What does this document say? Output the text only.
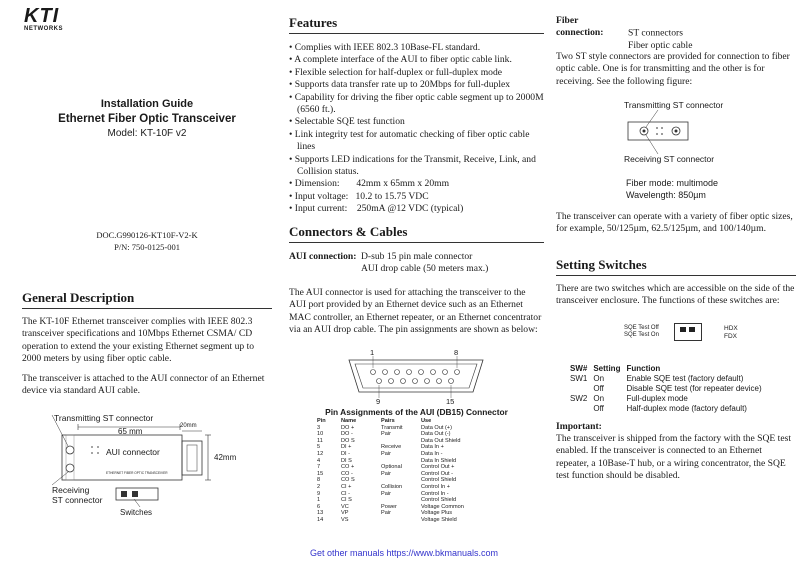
KTI
NETWORKS
Installation Guide
Ethernet Fiber Optic Transceiver
Model: KT-10F v2
DOC.G990126-KT10F-V2-K
P/N: 750-0125-001
General Description
The KT-10F Ethernet transceiver complies with IEEE 802.3 transceiver specifications and 10Mbps Ethernet CSMA/ CD operation to extend the your existing Ethernet segment up to 2000 meters by using fiber optic cable.
The transceiver is attached to the AUI connector of an Ethernet device via standard AUI cable.
Transmitting ST connector
65 mm
20mm
42mm
AUI connector
ETHERNET FIBER OPTIC TRANSCEIVER
Receiving
ST connector
Switches
Features
• Complies with IEEE 802.3 10Base-FL standard.
• A complete interface of the AUI to fiber optic cable link.
• Flexible selection for half-duplex or full-duplex mode
• Supports data transfer rate up to 20Mbps for full-duplex
• Capability for driving the fiber optic cable segment up to 2000M (6560 ft.).
• Selectable SQE test function
• Link integrity test for automatic checking of fiber optic cable lines
• Supports LED indications for the Transmit, Receive, Link, and Collision status.
• Dimension:       42mm x 65mm x 20mm
• Input voltage:   10.2 to 15.75 VDC
• Input current:    250mA @12 VDC (typical)
Connectors & Cables
AUI connection: D-sub 15 pin male connector
AUI drop cable (50 meters max.)
The AUI connector is used for attaching the transceiver to the AUI port provided by an Ethernet device such as an Ethernet MAC controller, an Ethernet repeater, or an Ethernet concentrator via an AUI drop cable. The pin assignments are shown as below:
1	8
9	15
Pin Assignments of the AUI (DB15) Connector
Pin	Name	Pairs	Use
3	DO +	Transmit	Data Out (+)
10	DO -	Pair	Data Out (-)
11	DO S		Data Out Shield
5	DI +	Receive	Data In +
12	DI -	Pair	Data In -
4	DI S		Data In Shield
7	CO +	Optional	Control Out +
15	CO -	Pair	Control Out -
8	CO S		Control Shield
2	CI +	Collision	Control In +
9	CI -	Pair	Control In -
1	CI S		Control Shield
6	VC	Power	Voltage Common
13	VP	Pair	Voltage Plus
14	VS		Voltage Shield
Fiber connection:	ST connectors
Fiber optic cable
Two ST style connectors are provided for connection to fiber optic cable. One is for transmitting and the other is for receiving. See the following figure:
Transmitting ST connector
Receiving ST connector
Fiber mode: multimode
Wavelength: 850µm
The transceiver can operate with a variety of fiber optic sizes, for example, 50/125µm, 62.5/125µm, and 100/140µm.
Setting Switches
There are two switches which are accessible on the side of the transceiver enclosure. The functions of these switches are:
SQE Test Off
SQE Test On
HDX
FDX
SW#	Setting	Function
SW1	On	Enable SQE test (factory default)
	Off	Disable SQE test (for repeater device)
SW2	On	Full-duplex mode
	Off	Half-duplex mode (factory default)
Important:
The transceiver is shipped from the factory with the SQE test enabled. If the transceiver is connected to an Ethernet repeater, a 10Base-T hub, or a wiring concentrator, the SQE test function should be disabled.
Get other manuals https://www.bkmanuals.com
